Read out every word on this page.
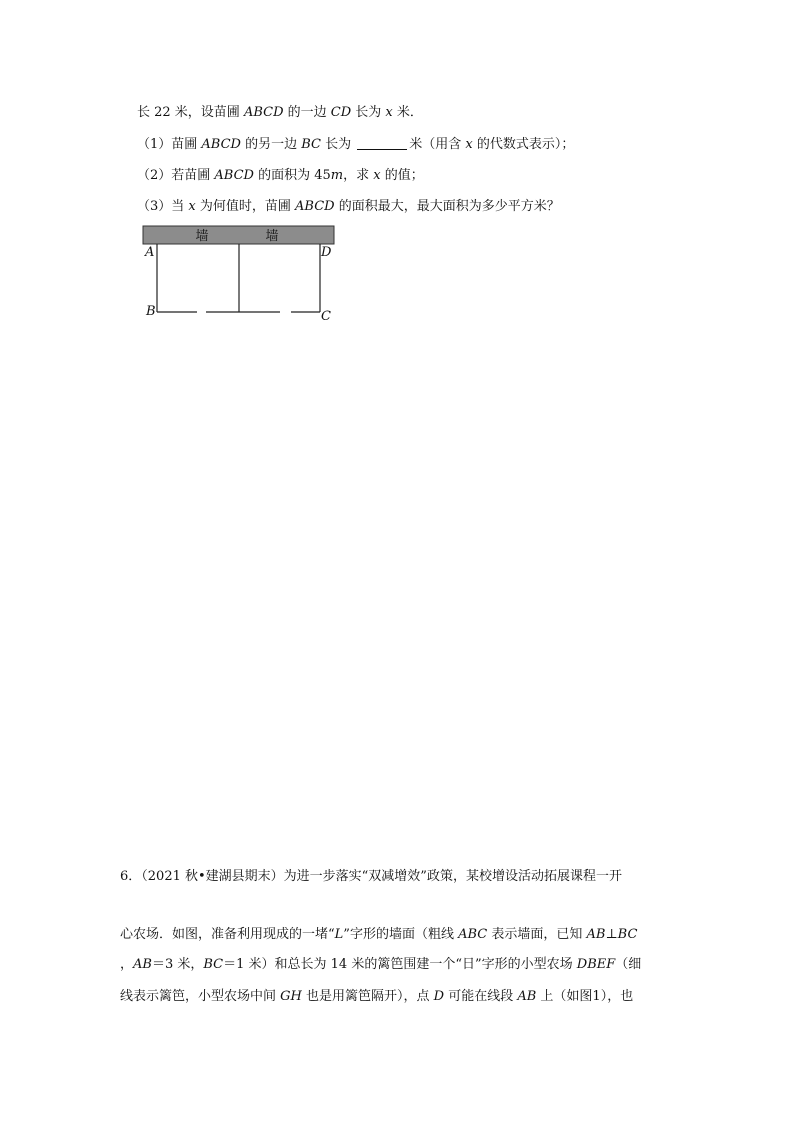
长 22 米，设苗圃 ABCD 的一边 CD 长为 x 米．
（1）苗圃 ABCD 的另一边 BC 长为	米（用含 x 的代数式表示）；
（2）若苗圃 ABCD 的面积为 45m，求 x 的值；
（3）当 x 为何值时，苗圃 ABCD 的面积最大，最大面积为多少平方米？
墙	墙
A	D
B	C
6．（2021 秋•建湖县期末）为进一步落实“双减增效”政策，某校增设活动拓展课程一开
心农场．如图，准备利用现成的一堵“L”字形的墙面（粗线 ABC 表示墙面，已知 AB⊥BC
，AB＝3 米，BC＝1 米）和总长为 14 米的篱笆围建一个“日”字形的小型农场 DBEF（细
线表示篱笆，小型农场中间 GH 也是用篱笆隔开），点 D 可能在线段 AB 上（如图1），也
